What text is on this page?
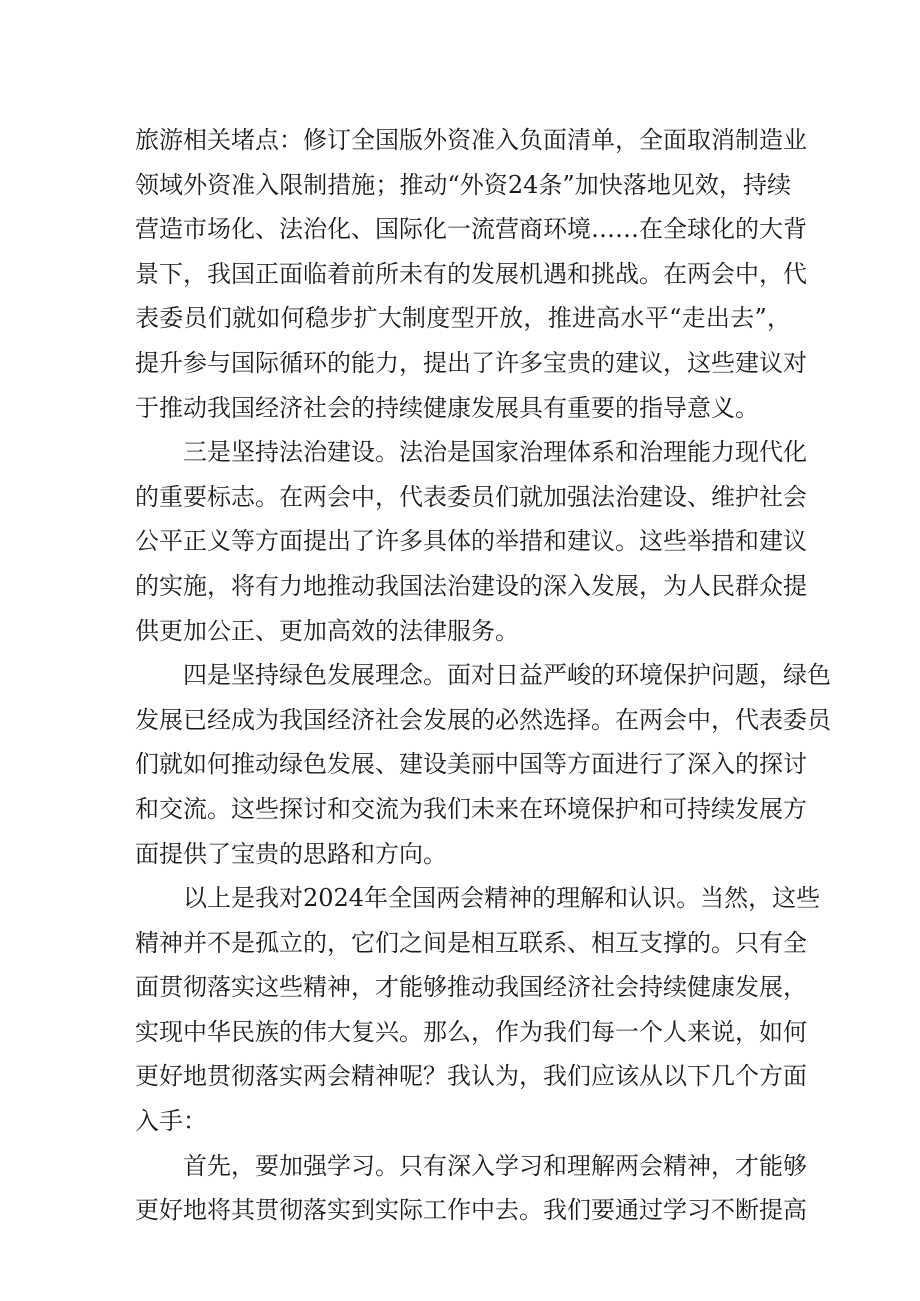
旅游相关堵点：修订全国版外资准入负面清单，全面取消制造业
领域外资准入限制措施；推动“外资24条”加快落地见效，持续
营造市场化、法治化、国际化一流营商环境……在全球化的大背
景下，我国正面临着前所未有的发展机遇和挑战。在两会中，代
表委员们就如何稳步扩大制度型开放，推进高水平“走出去”，
提升参与国际循环的能力，提出了许多宝贵的建议，这些建议对
于推动我国经济社会的持续健康发展具有重要的指导意义。
三是坚持法治建设。法治是国家治理体系和治理能力现代化
的重要标志。在两会中，代表委员们就加强法治建设、维护社会
公平正义等方面提出了许多具体的举措和建议。这些举措和建议
的实施，将有力地推动我国法治建设的深入发展，为人民群众提
供更加公正、更加高效的法律服务。
四是坚持绿色发展理念。面对日益严峻的环境保护问题，绿色
发展已经成为我国经济社会发展的必然选择。在两会中，代表委员
们就如何推动绿色发展、建设美丽中国等方面进行了深入的探讨
和交流。这些探讨和交流为我们未来在环境保护和可持续发展方
面提供了宝贵的思路和方向。
以上是我对2024年全国两会精神的理解和认识。当然，这些
精神并不是孤立的，它们之间是相互联系、相互支撑的。只有全
面贯彻落实这些精神，才能够推动我国经济社会持续健康发展，
实现中华民族的伟大复兴。那么，作为我们每一个人来说，如何
更好地贯彻落实两会精神呢？我认为，我们应该从以下几个方面
入手：
首先，要加强学习。只有深入学习和理解两会精神，才能够
更好地将其贯彻落实到实际工作中去。我们要通过学习不断提高
